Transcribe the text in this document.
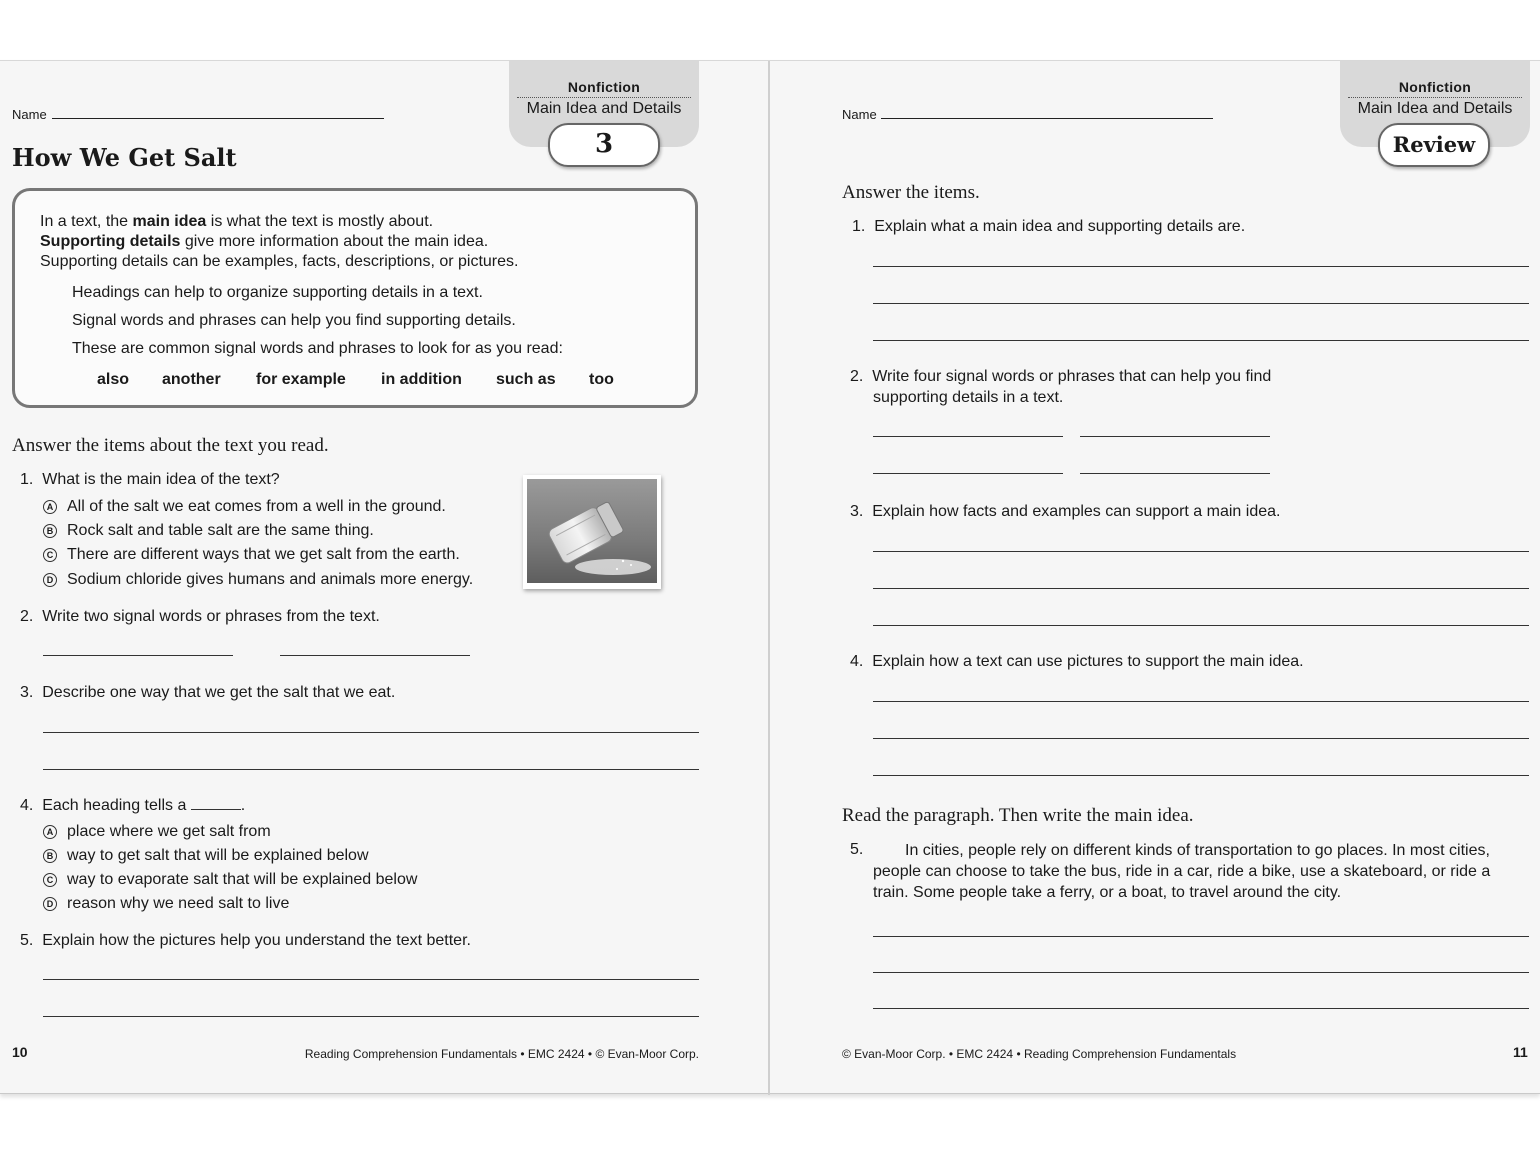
Nonfiction
Main Idea and Details
3
Name
How We Get Salt
In a text, the main idea is what the text is mostly about.
Supporting details give more information about the main idea.
Supporting details can be examples, facts, descriptions, or pictures.
Headings can help to organize supporting details in a text.
Signal words and phrases can help you find supporting details.
These are common signal words and phrases to look for as you read:
also another for example in addition such as too
Answer the items about the text you read.
1. What is the main idea of the text?
A All of the salt we eat comes from a well in the ground.
B Rock salt and table salt are the same thing.
C There are different ways that we get salt from the earth.
D Sodium chloride gives humans and animals more energy.
2. Write two signal words or phrases from the text.
3. Describe one way that we get the salt that we eat.
4. Each heading tells a	.
A place where we get salt from
B way to get salt that will be explained below
C way to evaporate salt that will be explained below
D reason why we need salt to live
5. Explain how the pictures help you understand the text better.
10	Reading Comprehension Fundamentals • EMC 2424 • © Evan-Moor Corp.
Nonfiction
Main Idea and Details
Review
Name
Answer the items.
1. Explain what a main idea and supporting details are.
2. Write four signal words or phrases that can help you find
supporting details in a text.
3. Explain how facts and examples can support a main idea.
4. Explain how a text can use pictures to support the main idea.
Read the paragraph. Then write the main idea.
5.	In cities, people rely on different kinds of transportation to go places. In most cities, people can choose to take the bus, ride in a car, ride a bike, use a skateboard, or ride a train. Some people take a ferry, or a boat, to travel around the city.
© Evan-Moor Corp. • EMC 2424 • Reading Comprehension Fundamentals	11
